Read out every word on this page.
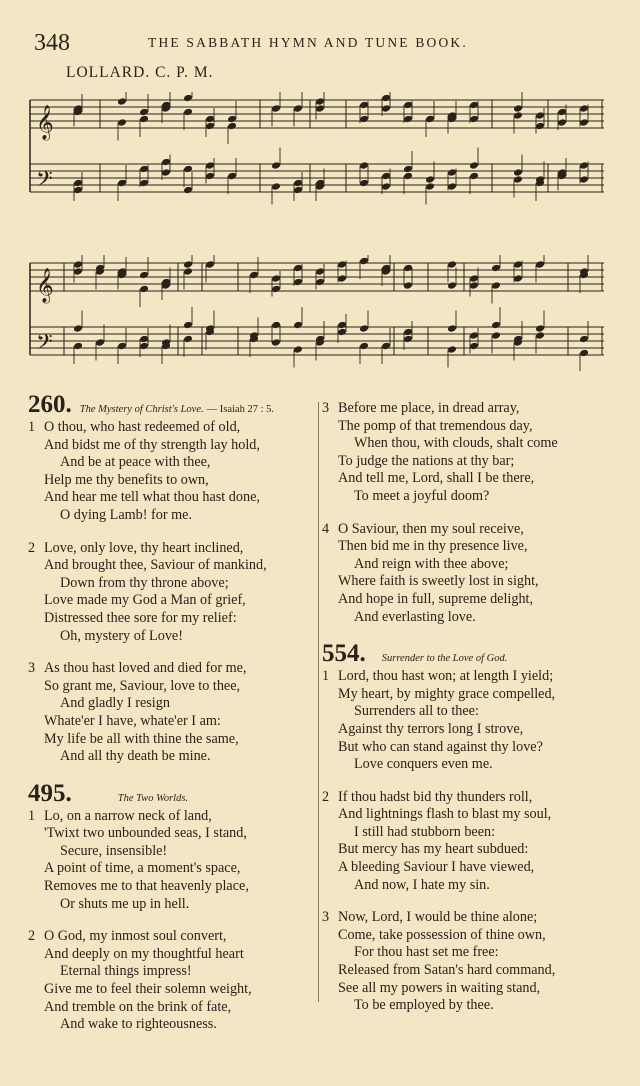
348	THE SABBATH HYMN AND TUNE BOOK.
LOLLARD. C. P. M.
𝄞
𝄢
𝄞
𝄢
260. The Mystery of Christ's Love. — Isaiah 27 : 5.
1 O thou, who hast redeemed of old,
And bidst me of thy strength lay hold,
And be at peace with thee,
Help me thy benefits to own,
And hear me tell what thou hast done,
O dying Lamb! for me.
2 Love, only love, thy heart inclined,
And brought thee, Saviour of mankind,
Down from thy throne above;
Love made my God a Man of grief,
Distressed thee sore for my relief:
Oh, mystery of Love!
3 As thou hast loved and died for me,
So grant me, Saviour, love to thee,
And gladly I resign
Whate'er I have, whate'er I am:
My life be all with thine the same,
And all thy death be mine.
495.	The Two Worlds.
1 Lo, on a narrow neck of land,
'Twixt two unbounded seas, I stand,
Secure, insensible!
A point of time, a moment's space,
Removes me to that heavenly place,
Or shuts me up in hell.
2 O God, my inmost soul convert,
And deeply on my thoughtful heart
Eternal things impress!
Give me to feel their solemn weight,
And tremble on the brink of fate,
And wake to righteousness.
3 Before me place, in dread array,
The pomp of that tremendous day,
When thou, with clouds, shalt come
To judge the nations at thy bar;
And tell me, Lord, shall I be there,
To meet a joyful doom?
4 O Saviour, then my soul receive,
Then bid me in thy presence live,
And reign with thee above;
Where faith is sweetly lost in sight,
And hope in full, supreme delight,
And everlasting love.
554. Surrender to the Love of God.
1 Lord, thou hast won; at length I yield;
My heart, by mighty grace compelled,
Surrenders all to thee:
Against thy terrors long I strove,
But who can stand against thy love?
Love conquers even me.
2 If thou hadst bid thy thunders roll,
And lightnings flash to blast my soul,
I still had stubborn been:
But mercy has my heart subdued:
A bleeding Saviour I have viewed,
And now, I hate my sin.
3 Now, Lord, I would be thine alone;
Come, take possession of thine own,
For thou hast set me free:
Released from Satan's hard command,
See all my powers in waiting stand,
To be employed by thee.
